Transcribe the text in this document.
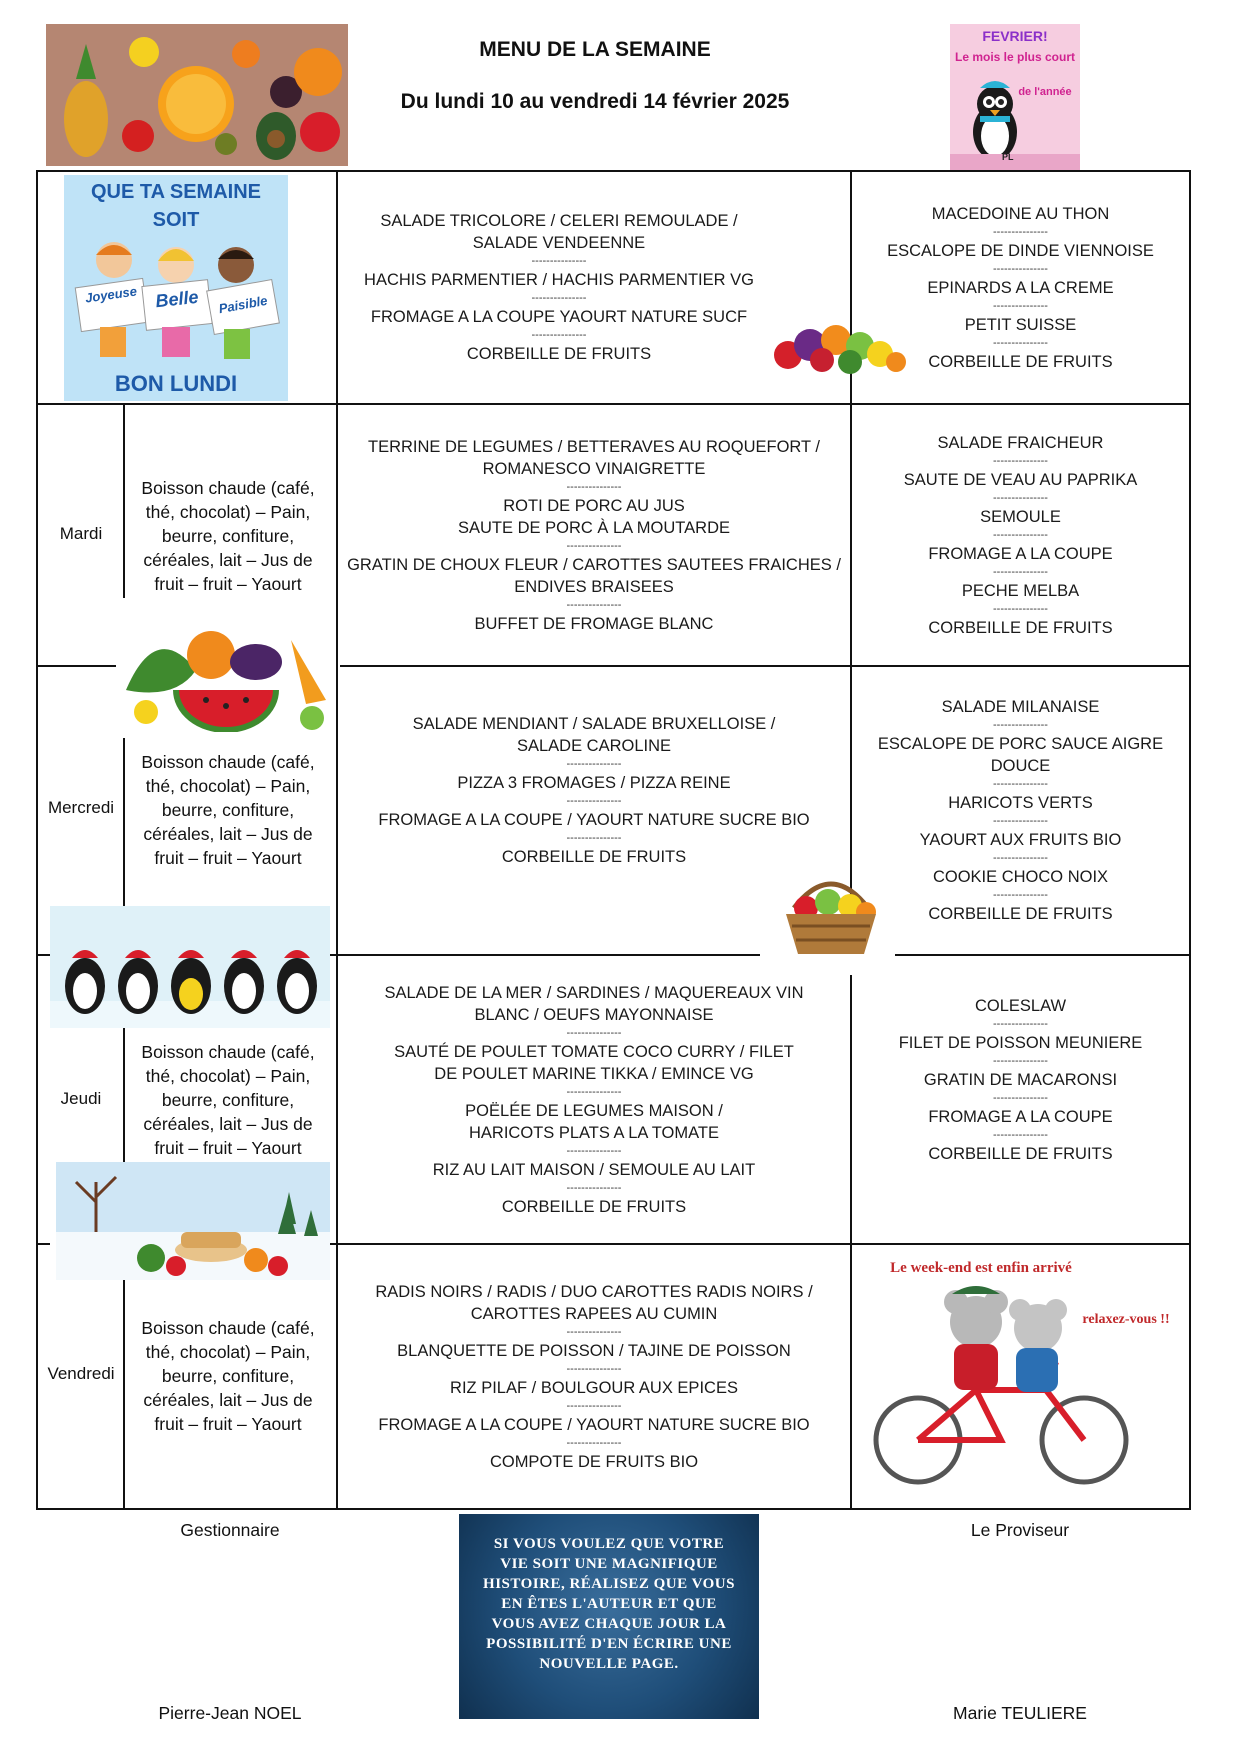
MENU DE LA SEMAINE
Du lundi 10 au vendredi 14 février 2025
FEVRIER!
Le mois le plus court
de l'année
PL
QUE TA SEMAINE
SOIT
Joyeuse Belle	Paisible
BON LUNDI
SALADE TRICOLORE / CELERI REMOULADE / SALADE VENDEENNE
---------------
HACHIS PARMENTIER / HACHIS PARMENTIER VG
---------------
FROMAGE A LA COUPE YAOURT NATURE SUCF
---------------
CORBEILLE DE FRUITS
MACEDOINE AU THON
---------------
ESCALOPE DE DINDE VIENNOISE
---------------
EPINARDS A LA CREME
---------------
PETIT SUISSE
---------------
CORBEILLE DE FRUITS
Mardi
Boisson chaude (café, thé, chocolat) – Pain, beurre, confiture, céréales, lait – Jus de fruit – fruit – Yaourt
TERRINE DE LEGUMES / BETTERAVES AU ROQUEFORT / ROMANESCO VINAIGRETTE
---------------
ROTI DE PORC AU JUS
SAUTE DE PORC À LA MOUTARDE
---------------
GRATIN DE CHOUX FLEUR / CAROTTES SAUTEES FRAICHES / ENDIVES BRAISEES
---------------
BUFFET DE FROMAGE BLANC
SALADE FRAICHEUR
---------------
SAUTE DE VEAU AU PAPRIKA
---------------
SEMOULE
---------------
FROMAGE A LA COUPE
---------------
PECHE MELBA
---------------
CORBEILLE DE FRUITS
Mercredi
Boisson chaude (café, thé, chocolat) – Pain, beurre, confiture, céréales, lait – Jus de fruit – fruit – Yaourt
SALADE MENDIANT / SALADE BRUXELLOISE / SALADE CAROLINE
---------------
PIZZA 3 FROMAGES / PIZZA REINE
---------------
FROMAGE A LA COUPE / YAOURT NATURE SUCRE BIO
---------------
CORBEILLE DE FRUITS
SALADE MILANAISE
---------------
ESCALOPE DE PORC SAUCE AIGRE DOUCE
---------------
HARICOTS VERTS
---------------
YAOURT AUX FRUITS BIO
---------------
COOKIE CHOCO NOIX
---------------
CORBEILLE DE FRUITS
Jeudi
Boisson chaude (café, thé, chocolat) – Pain, beurre, confiture, céréales, lait – Jus de fruit – fruit – Yaourt
SALADE DE LA MER / SARDINES / MAQUEREAUX VIN BLANC / OEUFS MAYONNAISE
---------------
SAUTÉ DE POULET TOMATE COCO CURRY / FILET DE POULET MARINE TIKKA / EMINCE VG
---------------
POËLÉE DE LEGUMES MAISON / HARICOTS PLATS A LA TOMATE
---------------
RIZ AU LAIT MAISON / SEMOULE AU LAIT
---------------
CORBEILLE DE FRUITS
COLESLAW
---------------
FILET DE POISSON MEUNIERE
---------------
GRATIN DE MACARONSI
---------------
FROMAGE A LA COUPE
---------------
CORBEILLE DE FRUITS
Vendredi
Boisson chaude (café, thé, chocolat) – Pain, beurre, confiture, céréales, lait – Jus de fruit – fruit – Yaourt
RADIS NOIRS / RADIS / DUO CAROTTES RADIS NOIRS / CAROTTES RAPEES AU CUMIN
---------------
BLANQUETTE DE POISSON / TAJINE DE POISSON
---------------
RIZ PILAF / BOULGOUR AUX EPICES
---------------
FROMAGE A LA COUPE / YAOURT NATURE SUCRE BIO
---------------
COMPOTE DE FRUITS BIO
Le week-end est enfin arrivé
relaxez-vous !!
Gestionnaire
Pierre-Jean NOEL
Le Proviseur
Marie TEULIERE
SI VOUS VOULEZ QUE VOTRE VIE SOIT UNE MAGNIFIQUE HISTOIRE, RÉALISEZ QUE VOUS EN ÊTES L'AUTEUR ET QUE VOUS AVEZ CHAQUE JOUR LA POSSIBILITÉ D'EN ÉCRIRE UNE NOUVELLE PAGE.
